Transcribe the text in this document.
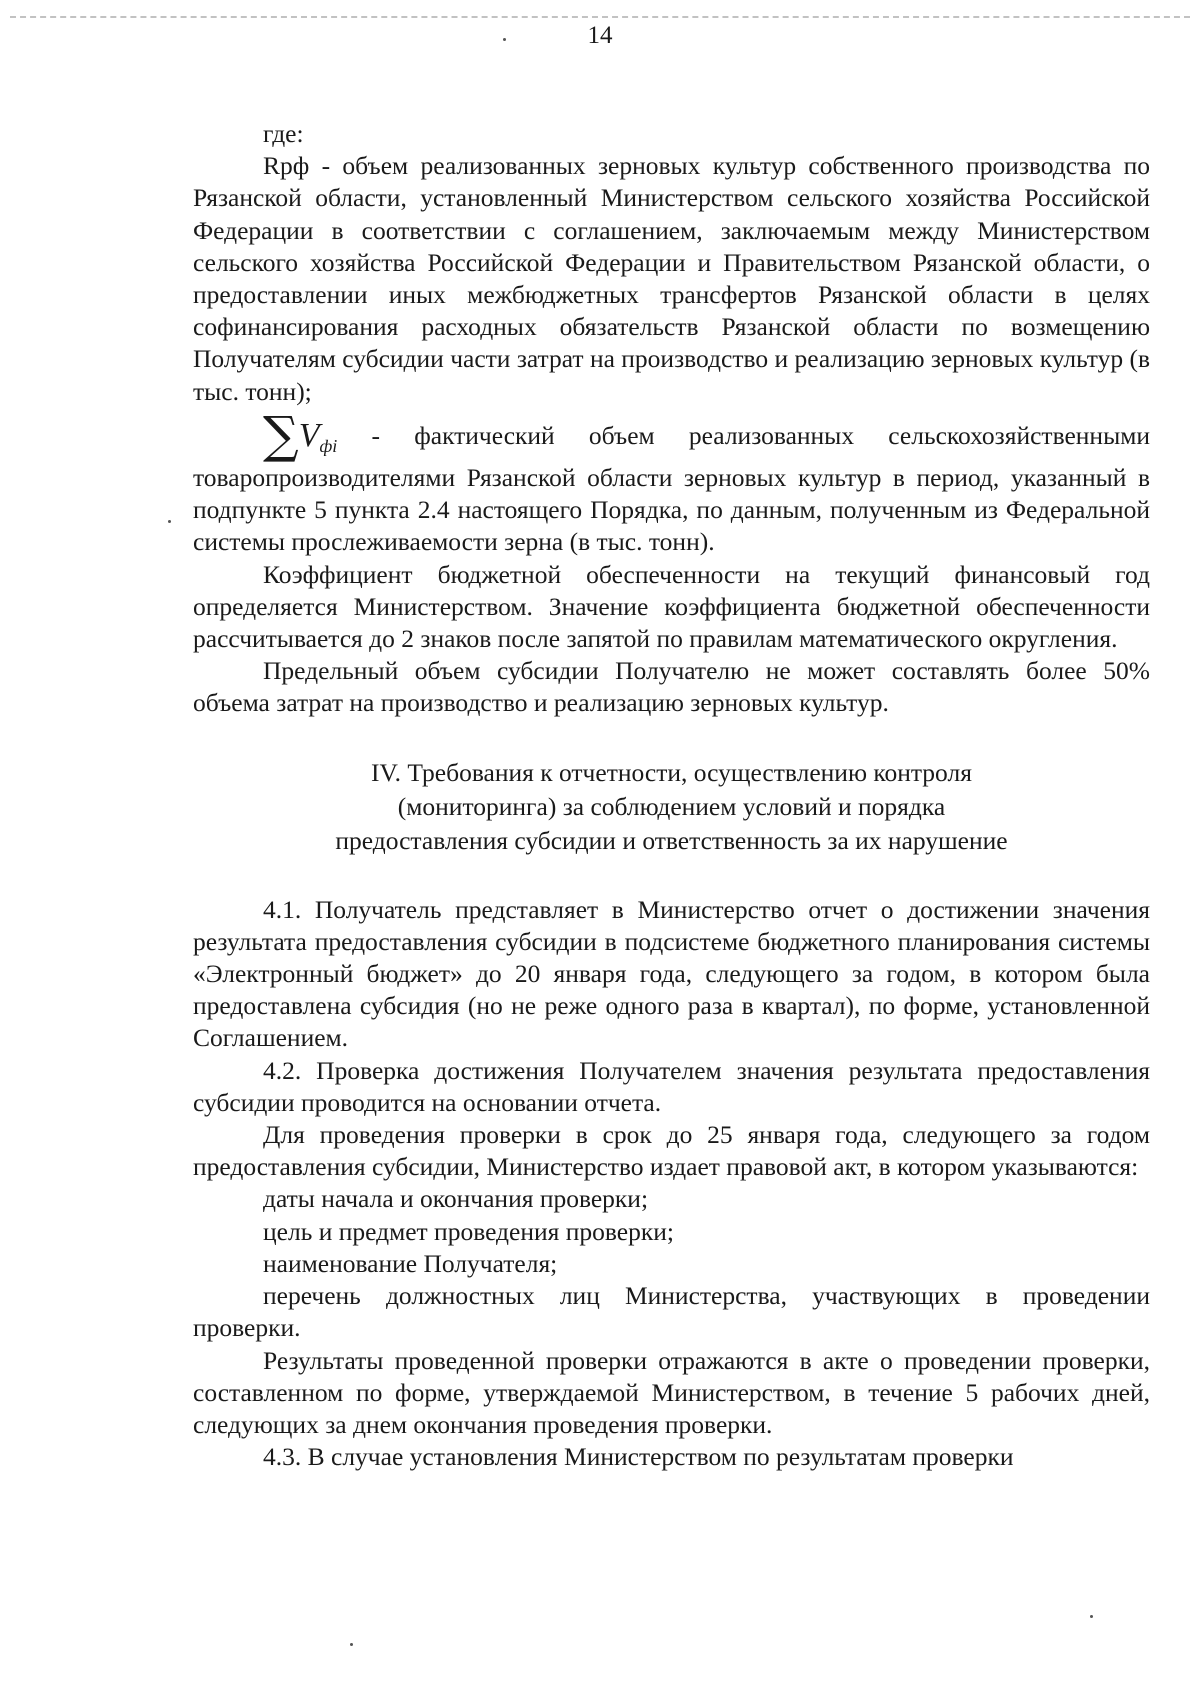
14

где:

Rрф - объем реализованных зерновых культур собственного производства по Рязанской области, установленный Министерством сельского хозяйства Российской Федерации в соответствии с соглашением, заключаемым между Министерством сельского хозяйства Российской Федерации и Правительством Рязанской области, о предоставлении иных межбюджетных трансфертов Рязанской области в целях софинансирования расходных обязательств Рязанской области по возмещению Получателям субсидии части затрат на производство и реализацию зерновых культур (в тыс. тонн);

$\sum V_{фi}$ - фактический объем реализованных сельскохозяйственными товаропроизводителями Рязанской области зерновых культур в период, указанный в подпункте 5 пункта 2.4 настоящего Порядка, по данным, полученным из Федеральной системы прослеживаемости зерна (в тыс. тонн).

Коэффициент бюджетной обеспеченности на текущий финансовый год определяется Министерством. Значение коэффициента бюджетной обеспеченности рассчитывается до 2 знаков после запятой по правилам математического округления.

Предельный объем субсидии Получателю не может составлять более 50% объема затрат на производство и реализацию зерновых культур.

IV. Требования к отчетности, осуществлению контроля
(мониторинга) за соблюдением условий и порядка
предоставления субсидии и ответственность за их нарушение

4.1. Получатель представляет в Министерство отчет о достижении значения результата предоставления субсидии в подсистеме бюджетного планирования системы «Электронный бюджет» до 20 января года, следующего за годом, в котором была предоставлена субсидия (но не реже одного раза в квартал), по форме, установленной Соглашением.

4.2. Проверка достижения Получателем значения результата предоставления субсидии проводится на основании отчета.

Для проведения проверки в срок до 25 января года, следующего за годом предоставления субсидии, Министерство издает правовой акт, в котором указываются:

даты начала и окончания проверки;

цель и предмет проведения проверки;

наименование Получателя;

перечень должностных лиц Министерства, участвующих в проведении проверки.

Результаты проведенной проверки отражаются в акте о проведении проверки, составленном по форме, утверждаемой Министерством, в течение 5 рабочих дней, следующих за днем окончания проведения проверки.

4.3. В случае установления Министерством по результатам проверки
